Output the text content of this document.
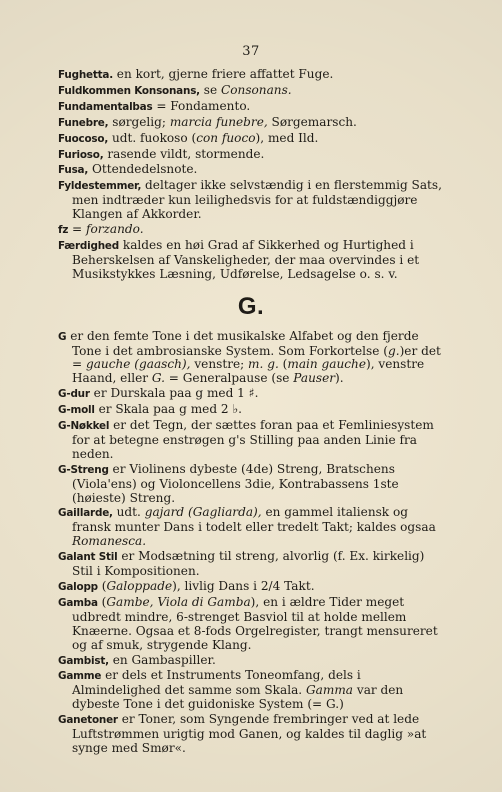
37
Fughetta. en kort, gjerne friere affattet Fuge.
Fuldkommen Konsonans, se Consonans.
Fundamentalbas = Fondamento.
Funebre, sørgelig; marcia funebre, Sørgemarsch.
Fuocoso, udt. fuokoso (con fuoco), med Ild.
Furioso, rasende vildt, stormende.
Fusa, Ottendedelsnote.
Fyldestemmer, deltager ikke selvstændig i en flerstemmig Sats, men indtræder kun leilighedsvis for at fuldstændiggjøre Klangen af Akkorder.
fz = forzando.
Færdighed kaldes en høi Grad af Sikkerhed og Hurtighed i Beherskelsen af Vanskeligheder, der maa overvindes i et Musikstykkes Læsning, Udførelse, Ledsagelse o. s. v.
G.
G er den femte Tone i det musikalske Alfabet og den fjerde Tone i det ambrosianske System. Som Forkortelse (g.)er det = gauche (gaasch), venstre; m. g. (main gauche), venstre Haand, eller G. = Generalpause (se Pauser).
G-dur er Durskala paa g med 1 ♯.
G-moll er Skala paa g med 2 ♭.
G-Nøkkel er det Tegn, der sættes foran paa et Femliniesystem for at betegne enstrøgen g's Stilling paa anden Linie fra neden.
G-Streng er Violinens dybeste (4de) Streng, Bratschens (Viola'ens) og Violoncellens 3die, Kontrabassens 1ste (høieste) Streng.
Gaillarde, udt. gajard (Gagliarda), en gammel italiensk og fransk munter Dans i todelt eller tredelt Takt; kaldes ogsaa Romanesca.
Galant Stil er Modsætning til streng, alvorlig (f. Ex. kirkelig) Stil i Kompositionen.
Galopp (Galoppade), livlig Dans i 2/4 Takt.
Gamba (Gambe, Viola di Gamba), en i ældre Tider meget udbredt mindre, 6-strenget Basviol til at holde mellem Knæerne. Ogsaa et 8-fods Orgelregister, trangt mensureret og af smuk, strygende Klang.
Gambist, en Gambaspiller.
Gamme er dels et Instruments Toneomfang, dels i Almindelighed det samme som Skala. Gamma var den dybeste Tone i det guidoniske System (= G.)
Ganetoner er Toner, som Syngende frembringer ved at lede Luftstrømmen urigtig mod Ganen, og kaldes til daglig »at synge med Smør«.
